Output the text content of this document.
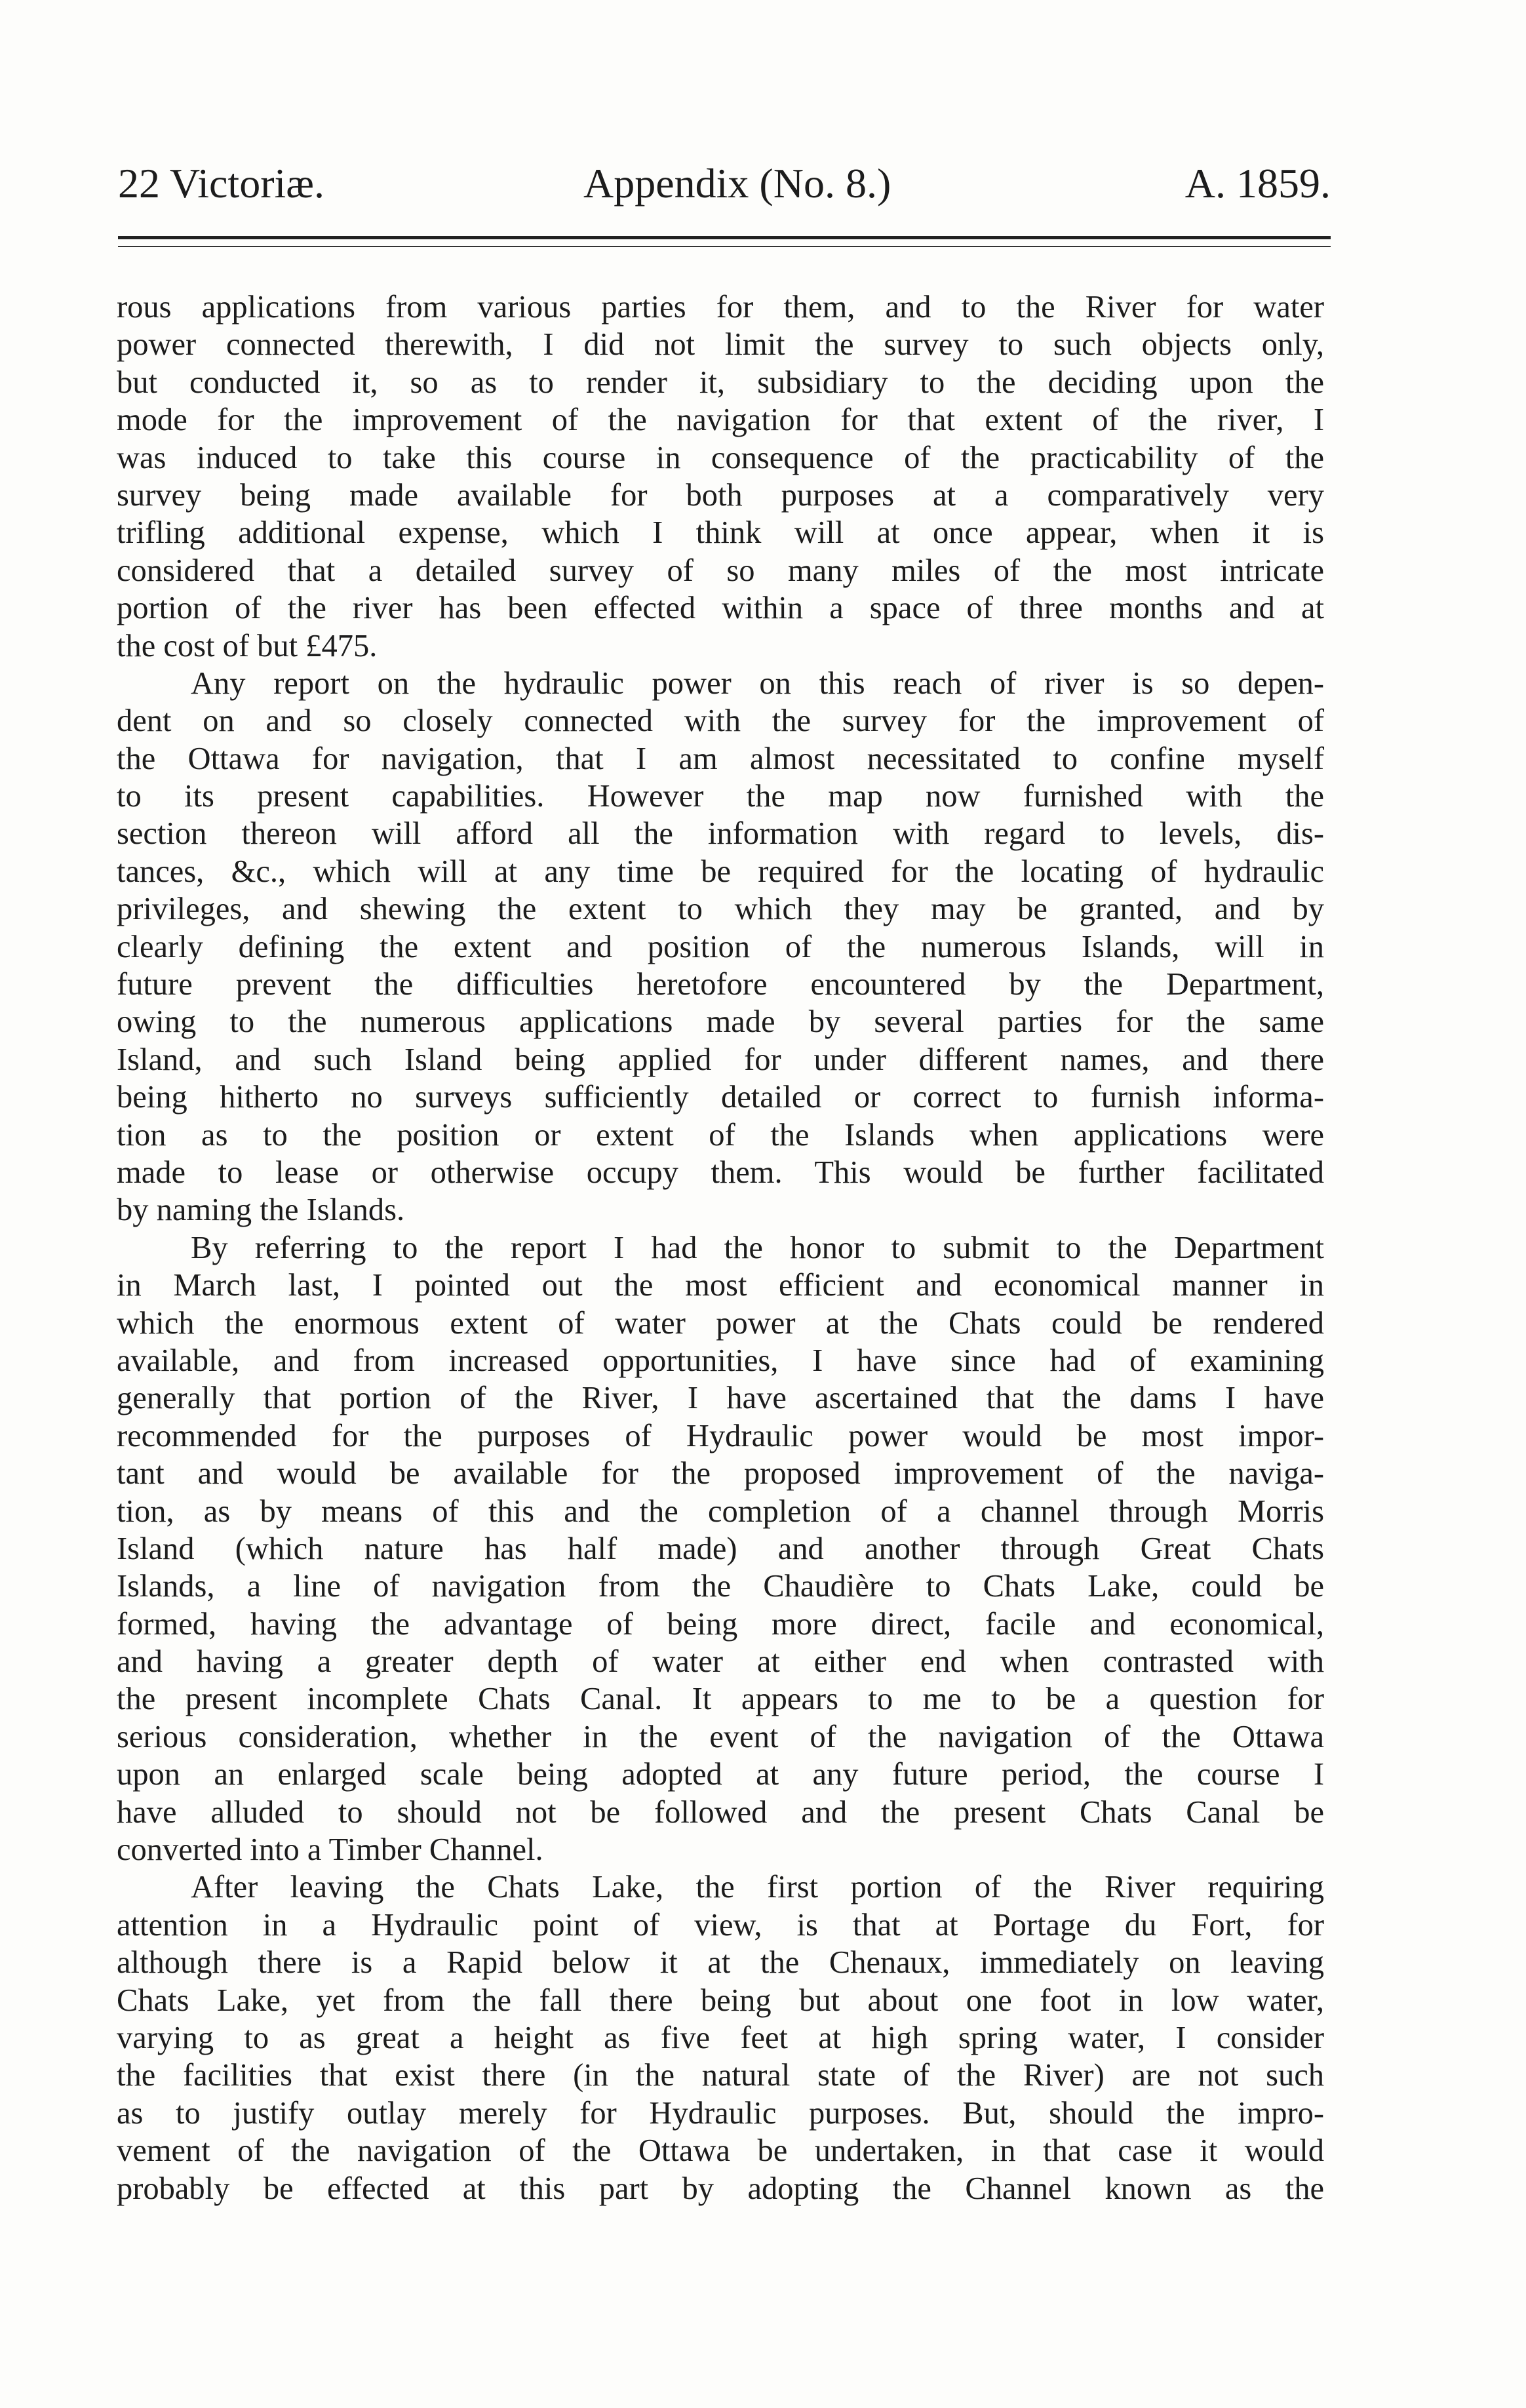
22 Victoriæ.	Appendix (No. 8.)	A. 1859.
rous applications from various parties for them, and to the River for water
power connected therewith, I did not limit the survey to such objects only,
but conducted it, so as to render it, subsidiary to the deciding upon the
mode for the improvement of the navigation for that extent of the river, I
was induced to take this course in consequence of the practicability of the
survey being made available for both purposes at a comparatively very
trifling additional expense, which I think will at once appear, when it is
considered that a detailed survey of so many miles of the most intricate
portion of the river has been effected within a space of three months and at
the cost of but £475.
Any report on the hydraulic power on this reach of river is so depen-
dent on and so closely connected with the survey for the improvement of
the Ottawa for navigation, that I am almost necessitated to confine myself
to its present capabilities. However the map now furnished with the
section thereon will afford all the information with regard to levels, dis-
tances, &c., which will at any time be required for the locating of hydraulic
privileges, and shewing the extent to which they may be granted, and by
clearly defining the extent and position of the numerous Islands, will in
future prevent the difficulties heretofore encountered by the Department,
owing to the numerous applications made by several parties for the same
Island, and such Island being applied for under different names, and there
being hitherto no surveys sufficiently detailed or correct to furnish informa-
tion as to the position or extent of the Islands when applications were
made to lease or otherwise occupy them. This would be further facilitated
by naming the Islands.
By referring to the report I had the honor to submit to the Department
in March last, I pointed out the most efficient and economical manner in
which the enormous extent of water power at the Chats could be rendered
available, and from increased opportunities, I have since had of examining
generally that portion of the River, I have ascertained that the dams I have
recommended for the purposes of Hydraulic power would be most impor-
tant and would be available for the proposed improvement of the naviga-
tion, as by means of this and the completion of a channel through Morris
Island (which nature has half made) and another through Great Chats
Islands, a line of navigation from the Chaudière to Chats Lake, could be
formed, having the advantage of being more direct, facile and economical,
and having a greater depth of water at either end when contrasted with
the present incomplete Chats Canal. It appears to me to be a question for
serious consideration, whether in the event of the navigation of the Ottawa
upon an enlarged scale being adopted at any future period, the course I
have alluded to should not be followed and the present Chats Canal be
converted into a Timber Channel.
After leaving the Chats Lake, the first portion of the River requiring
attention in a Hydraulic point of view, is that at Portage du Fort, for
although there is a Rapid below it at the Chenaux, immediately on leaving
Chats Lake, yet from the fall there being but about one foot in low water,
varying to as great a height as five feet at high spring water, I consider
the facilities that exist there (in the natural state of the River) are not such
as to justify outlay merely for Hydraulic purposes. But, should the impro-
vement of the navigation of the Ottawa be undertaken, in that case it would
probably be effected at this part by adopting the Channel known as the
